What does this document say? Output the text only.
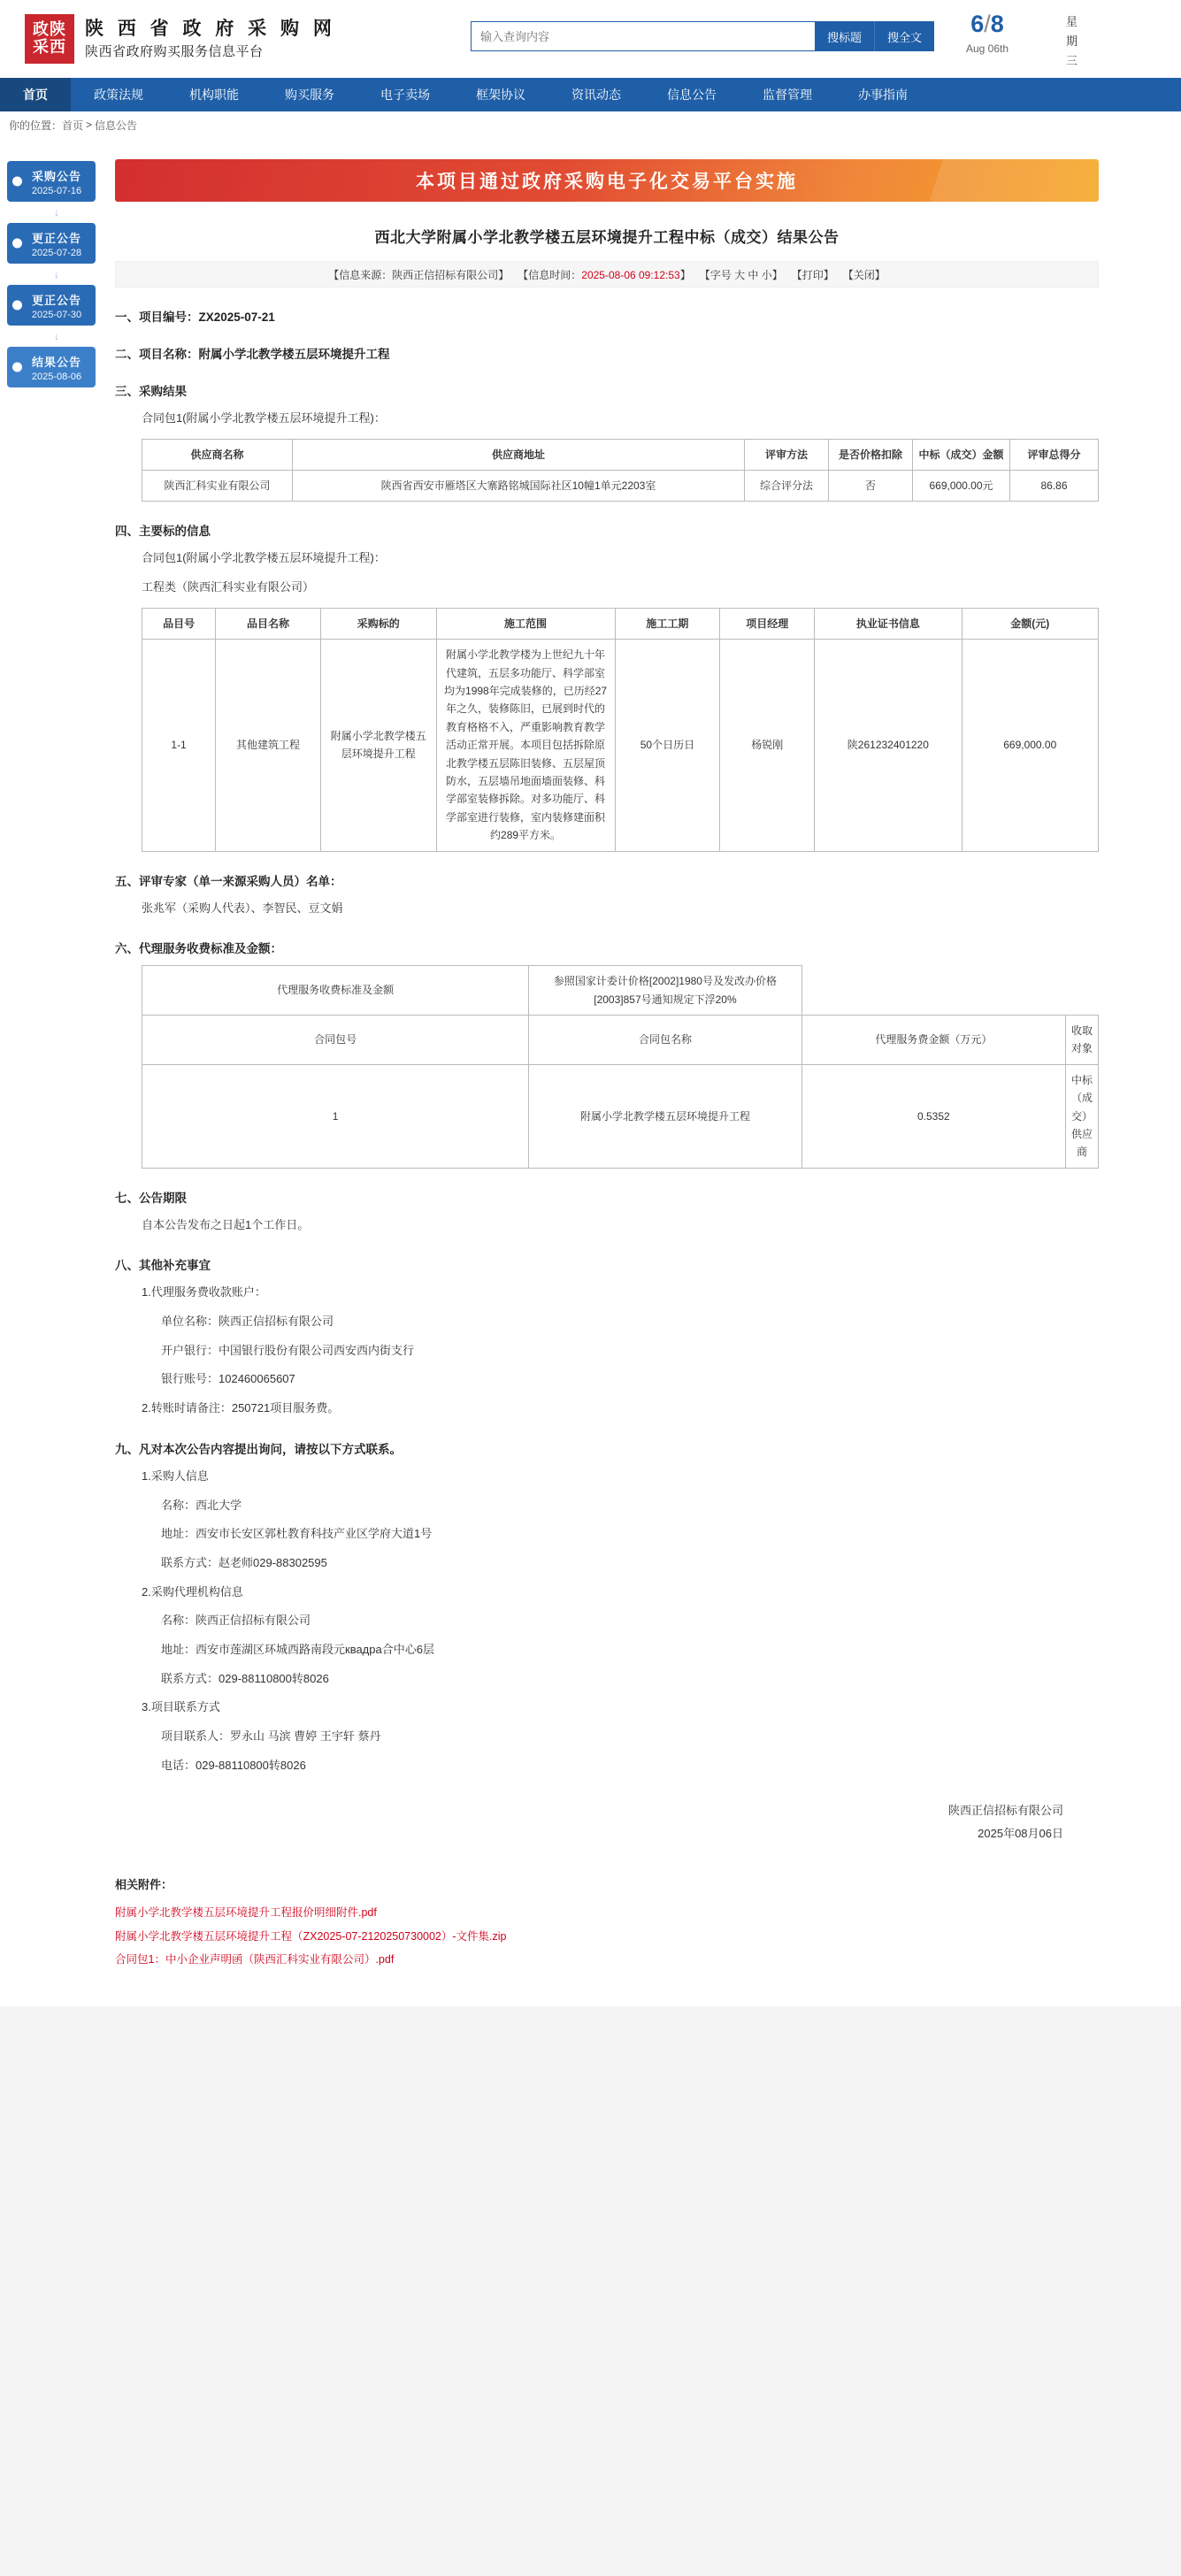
政陕
采西
陕 西 省 政 府 采 购 网
陕西省政府购买服务信息平台
输入查询内容
搜标题	搜全文	6/8
Aug 06th
星
期
三
首页	政策法规	机构职能	购买服务	电子卖场	框架协议	资讯动态	信息公告	监督管理	办事指南
你的位置： 首页 > 信息公告
采购公告
2025-07-16
↓
更正公告
2025-07-28
↓
更正公告
2025-07-30
↓
结果公告
2025-08-06
本项目通过政府采购电子化交易平台实施
西北大学附属小学北教学楼五层环境提升工程中标（成交）结果公告
【信息来源：陕西正信招标有限公司】 【信息时间：2025-08-06 09:12:53】 【字号 大 中 小】 【打印】 【关闭】
一、项目编号：ZX2025-07-21
二、项目名称：附属小学北教学楼五层环境提升工程
三、采购结果
合同包1(附属小学北教学楼五层环境提升工程)：
供应商名称	供应商地址	评审方法	是否价格扣除	中标（成交）金额	评审总得分
陕西汇科实业有限公司	陕西省西安市雁塔区大寨路铭城国际社区10幢1单元2203室	综合评分法	否	669,000.00元	86.86
四、主要标的信息
合同包1(附属小学北教学楼五层环境提升工程)：
工程类（陕西汇科实业有限公司）
品目号	品目名称	采购标的	施工范围	施工工期	项目经理	执业证书信息	金额(元)
1-1	其他建筑工程	附属小学北教学楼五层环境提升工程	附属小学北教学楼为上世纪九十年代建筑，五层多功能厅、科学部室均为1998年完成装修的，已历经27年之久，装修陈旧，已展到时代的教育格格不入，严重影响教育教学活动正常开展。本项目包括拆除原北教学楼五层陈旧装修、五层屋顶防水，五层墙吊地面墙面装修、科学部室装修拆除。对多功能厅、科学部室进行装修，室内装修建面积约289平方米。	50个日历日	杨锐刚	陕261232401220	669,000.00
五、评审专家（单一来源采购人员）名单：
张兆军（采购人代表）、李智民、豆文娟
六、代理服务收费标准及金额：
代理服务收费标准及金额	参照国家计委计价格[2002]1980号及发改办价格[2003]857号通知规定下浮20%		
合同包号	合同包名称	代理服务费金额（万元）	收取对象
1	附属小学北教学楼五层环境提升工程	0.5352	中标（成交）供应商
七、公告期限
自本公告发布之日起1个工作日。
八、其他补充事宜
1.代理服务费收款账户：
单位名称：陕西正信招标有限公司
开户银行：中国银行股份有限公司西安西内街支行
银行账号：102460065607
2.转账时请备注：250721项目服务费。
九、凡对本次公告内容提出询问，请按以下方式联系。
1.采购人信息
名称：西北大学
地址：西安市长安区郭杜教育科技产业区学府大道1号
联系方式：赵老师029-88302595
2.采购代理机构信息
名称：陕西正信招标有限公司
地址：西安市莲湖区环城西路南段元квадра合中心6层
联系方式：029-88110800转8026
3.项目联系方式
项目联系人：罗永山 马滨 曹婷 王宇轩 蔡丹
电话：029-88110800转8026
陕西正信招标有限公司
2025年08月06日
相关附件：
附属小学北教学楼五层环境提升工程报价明细附件.pdf
附属小学北教学楼五层环境提升工程（ZX2025-07-2120250730002）-文件集.zip
合同包1：中小企业声明函（陕西汇科实业有限公司）.pdf
